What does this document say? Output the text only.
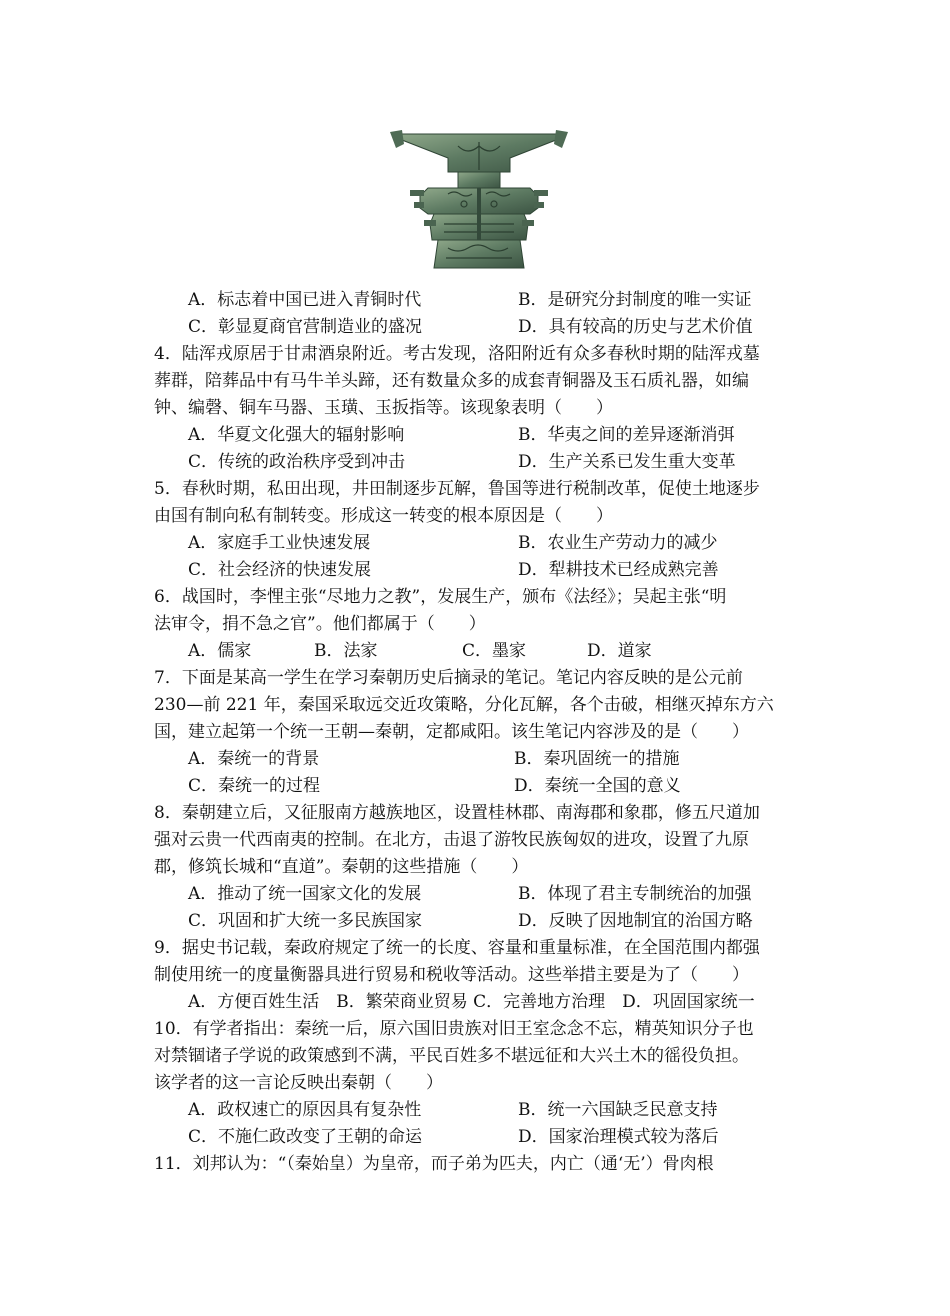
A．标志着中国已进入青铜时代	B．是研究分封制度的唯一实证
C．彰显夏商官营制造业的盛况	D．具有较高的历史与艺术价值
4．陆浑戎原居于甘肃酒泉附近。考古发现，洛阳附近有众多春秋时期的陆浑戎墓
葬群，陪葬品中有马牛羊头蹄，还有数量众多的成套青铜器及玉石质礼器，如编
钟、编磬、铜车马器、玉璜、玉扳指等。该现象表明（　　）
A．华夏文化强大的辐射影响	B．华夷之间的差异逐渐消弭
C．传统的政治秩序受到冲击	D．生产关系已发生重大变革
5．春秋时期，私田出现，井田制逐步瓦解，鲁国等进行税制改革，促使土地逐步
由国有制向私有制转变。形成这一转变的根本原因是（　　）
A．家庭手工业快速发展	B．农业生产劳动力的减少
C．社会经济的快速发展	D．犁耕技术已经成熟完善
6．战国时，李悝主张“尽地力之教”，发展生产，颁布《法经》；吴起主张“明
法审令，捐不急之官”。他们都属于（　　）
A．儒家	B．法家	C．墨家	D．道家
7．下面是某高一学生在学习秦朝历史后摘录的笔记。笔记内容反映的是公元前
230—前 221 年，秦国采取远交近攻策略，分化瓦解，各个击破，相继灭掉东方六
国，建立起第一个统一王朝—秦朝，定都咸阳。该生笔记内容涉及的是（　　）
A．秦统一的背景	B．秦巩固统一的措施
C．秦统一的过程	D．秦统一全国的意义
8．秦朝建立后，又征服南方越族地区，设置桂林郡、南海郡和象郡，修五尺道加
强对云贵一代西南夷的控制。在北方，击退了游牧民族匈奴的进攻，设置了九原
郡，修筑长城和“直道”。秦朝的这些措施（　　）
A．推动了统一国家文化的发展	B．体现了君主专制统治的加强
C．巩固和扩大统一多民族国家	D．反映了因地制宜的治国方略
9．据史书记载，秦政府规定了统一的长度、容量和重量标准，在全国范围内都强
制使用统一的度量衡器具进行贸易和税收等活动。这些举措主要是为了（　　）
A．方便百姓生活　B．繁荣商业贸易 C．完善地方治理　D．巩固国家统一
10．有学者指出：秦统一后，原六国旧贵族对旧王室念念不忘，精英知识分子也
对禁锢诸子学说的政策感到不满，平民百姓多不堪远征和大兴土木的徭役负担。
该学者的这一言论反映出秦朝（　　）
A．政权速亡的原因具有复杂性	B．统一六国缺乏民意支持
C．不施仁政改变了王朝的命运	D．国家治理模式较为落后
11．刘邦认为：“（秦始皇）为皇帝，而子弟为匹夫，内亡（通‘无’）骨肉根
